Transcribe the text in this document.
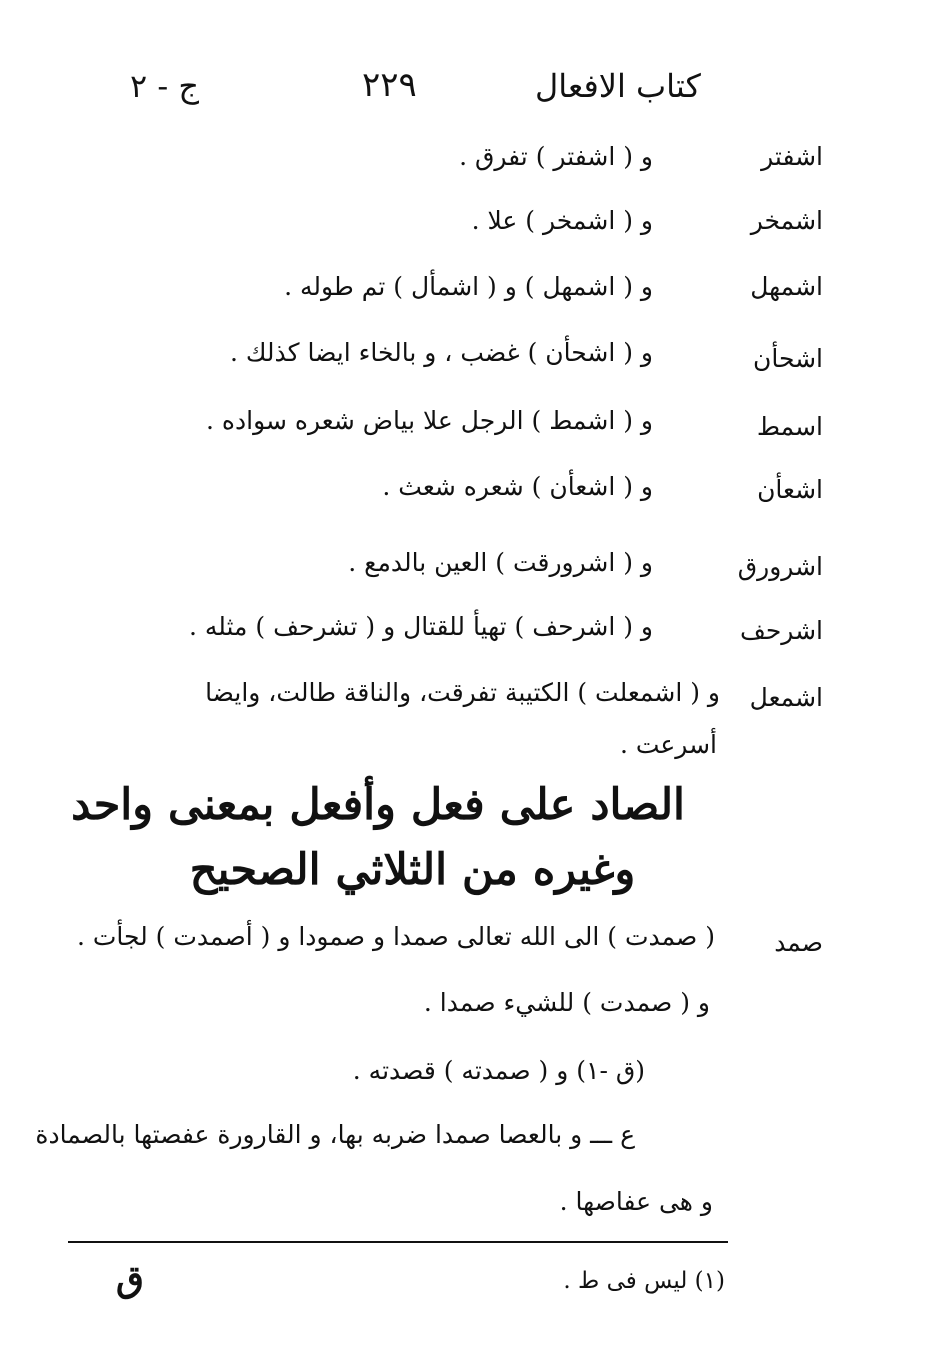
كتاب الافعال
٢٢٩
ج - ٢
اشفتر
و ( اشفتر ) تفرق .
اشمخر
و ( اشمخر ) علا .
اشمهل
و ( اشمهل ) و ( اشمأل ) تم طوله .
اشحأن
و ( اشحأن ) غضب ، و بالخاء ايضا كذلك .
اسمط
و ( اشمط ) الرجل علا بياض شعره سواده .
اشعأن
و ( اشعأن ) شعره شعث .
اشرورق
و ( اشرورقت ) العين بالدمع .
اشرحف
و ( اشرحف ) تهيأ للقتال و ( تشرحف ) مثله .
اشمعل
و ( اشمعلت ) الكتيبة تفرقت، والناقة طالت، وايضا
أسرعت .
الصاد على فعل وأفعل بمعنى واحد
وغيره من الثلاثي الصحيح
صمد
( صمدت ) الى الله تعالى صمدا و صمودا و ( أصمدت ) لجأت .
و ( صمدت ) للشيء صمدا .
(ق -١) و ( صمدته ) قصدته .
ع ـــ و بالعصا صمدا ضربه بها، و القارورة عفصتها بالصمادة
و هى عفاصها .
(١) ليس فى ط .
ق
